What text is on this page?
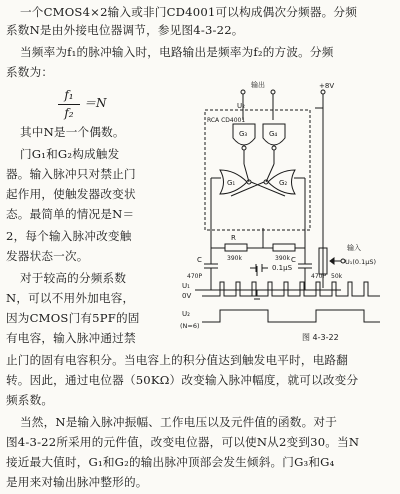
一个CMOS4×2输入或非门CD4001可以构成偶次分频器。分频
系数N是由外接电位器调节，参见图4-3-22。
当频率为f₁的脉冲输入时，电路输出是频率为f₂的方波。分频
系数为：
f₁
f₂
＝N
其中N是一个偶数。
门G₁和G₂构成触发
器。输入脉冲只对禁止门
起作用，使触发器改变状
态。最简单的情况是N＝
2，每个输入脉冲改变触
发器状态一次。
对于较高的分频系数
N，可以不用外加电容，
因为CMOS门有5PF的固
有电容，输入脉冲通过禁
止门的固有电容积分。当电容上的积分值达到触发电平时，电路翻
转。因此，通过电位器（50KΩ）改变输入脉冲幅度，就可以改变分
频系数。
当然，N是输入脉冲振幅、工作电压以及元件值的函数。对于
图4-3-22所采用的元件值，改变电位器，可以使N从2变到30。当N
接近最大值时，G₁和G₂的输出脉冲顶部会发生倾斜。门G₃和G₄
是用来对输出脉冲整形的。
输出
U₂
+8V
RCA CD4001
G₃	G₄
G₁	G₂
R
390k	390k
C
470P
C
470P
输入
U₁(0.1μS)
50k
0.1μS
U₁
0V
U₂
(N=6)
图 4-3-22
